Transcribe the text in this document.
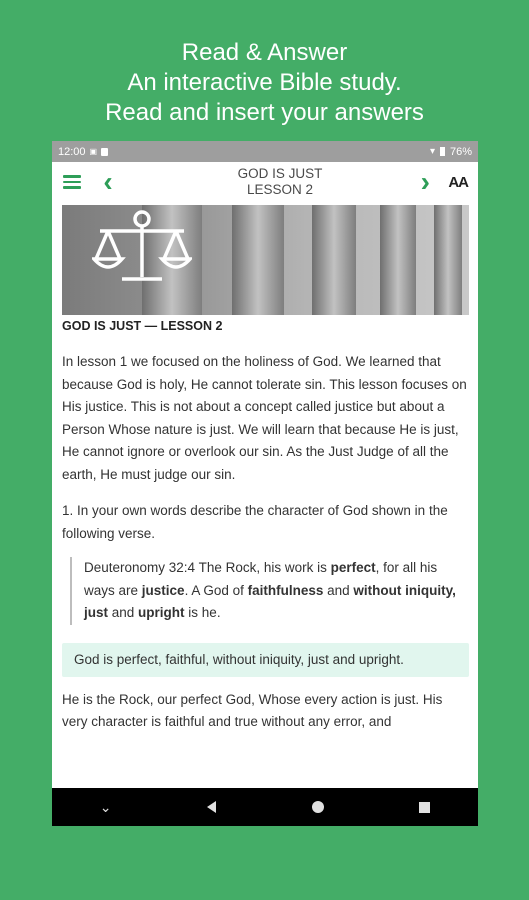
Read & Answer
An interactive Bible study.
Read and insert your answers
12:00 ▣	▾ 76%
‹	GOD IS JUST
LESSON 2	›	AA
GOD IS JUST — LESSON 2

In lesson 1 we focused on the holiness of God. We learned that because God is holy, He cannot tolerate sin. This lesson focuses on His justice. This is not about a concept called justice but about a Person Whose nature is just. We will learn that because He is just, He cannot ignore or overlook our sin. As the Just Judge of all the earth, He must judge our sin.

1. In your own words describe the character of God shown in the following verse.

Deuteronomy 32:4 The Rock, his work is perfect, for all his ways are justice. A God of faithfulness and without iniquity, just and upright is he.
God is perfect, faithful, without iniquity, just and upright.

He is the Rock, our perfect God, Whose every action is just. His very character is faithful and true without any error, and

⌄
